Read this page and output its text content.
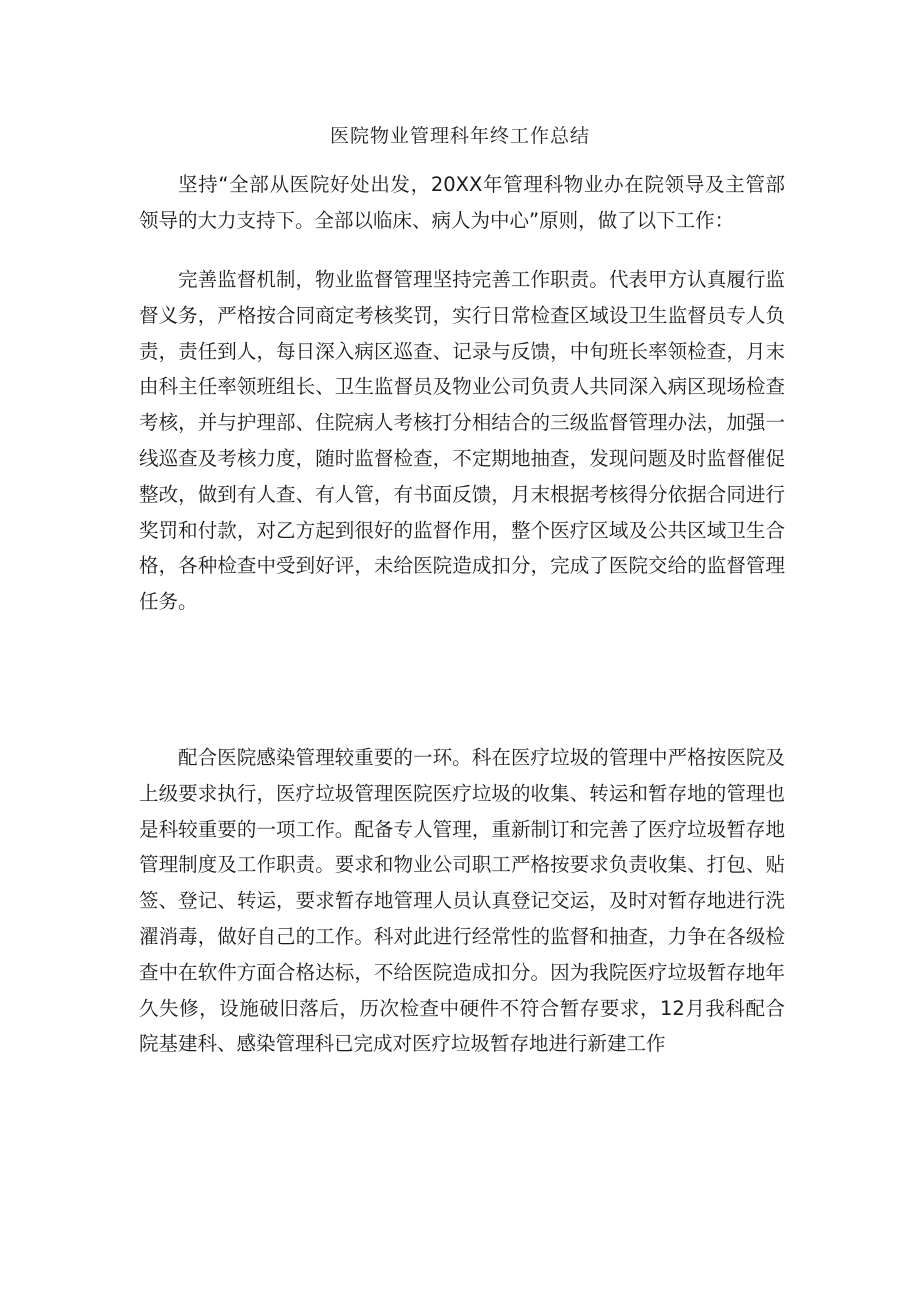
医院物业管理科年终工作总结

坚持“全部从医院好处出发，20XX年管理科物业办在院领导及主管部领导的大力支持下。全部以临床、病人为中心”原则，做了以下工作：

完善监督机制，物业监督管理坚持完善工作职责。代表甲方认真履行监督义务，严格按合同商定考核奖罚，实行日常检查区域设卫生监督员专人负责，责任到人，每日深入病区巡查、记录与反馈，中旬班长率领检查，月末由科主任率领班组长、卫生监督员及物业公司负责人共同深入病区现场检查考核，并与护理部、住院病人考核打分相结合的三级监督管理办法，加强一线巡查及考核力度，随时监督检查，不定期地抽查，发现问题及时监督催促整改，做到有人查、有人管，有书面反馈，月末根据考核得分依据合同进行奖罚和付款，对乙方起到很好的监督作用，整个医疗区域及公共区域卫生合格，各种检查中受到好评，未给医院造成扣分，完成了医院交给的监督管理任务。

配合医院感染管理较重要的一环。科在医疗垃圾的管理中严格按医院及上级要求执行，医疗垃圾管理医院医疗垃圾的收集、转运和暂存地的管理也是科较重要的一项工作。配备专人管理，重新制订和完善了医疗垃圾暂存地管理制度及工作职责。要求和物业公司职工严格按要求负责收集、打包、贴签、登记、转运，要求暂存地管理人员认真登记交运，及时对暂存地进行洗濯消毒，做好自己的工作。科对此进行经常性的监督和抽查，力争在各级检查中在软件方面合格达标，不给医院造成扣分。因为我院医疗垃圾暂存地年久失修，设施破旧落后，历次检查中硬件不符合暂存要求，12月我科配合院基建科、感染管理科已完成对医疗垃圾暂存地进行新建工作
